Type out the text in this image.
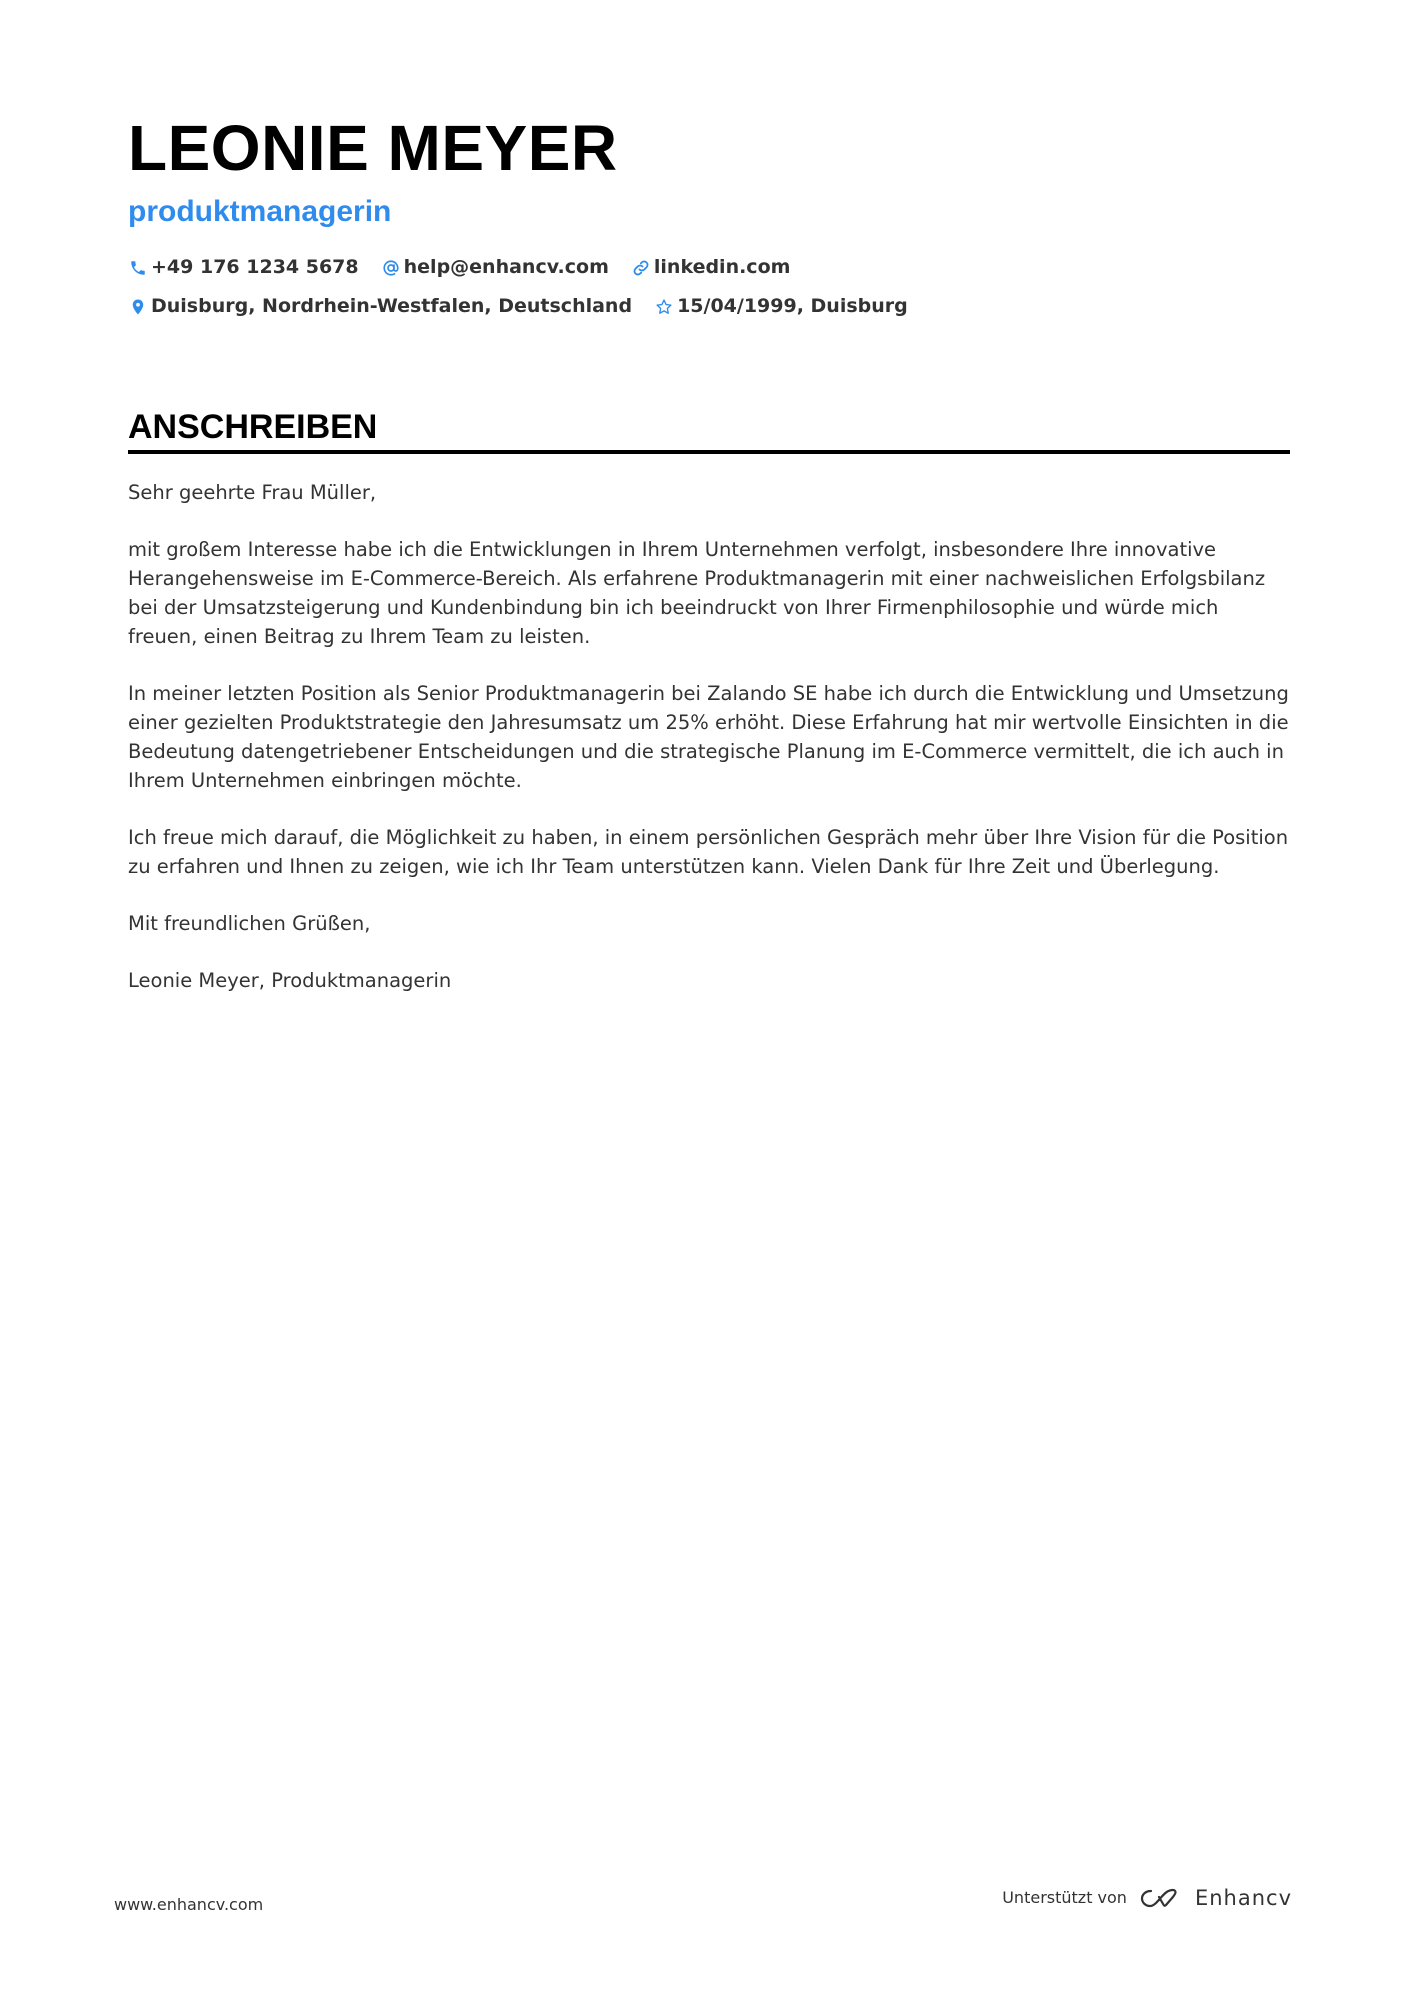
LEONIE MEYER
produktmanagerin
+49 176 1234 5678 help@enhancv.com linkedin.com
Duisburg, Nordrhein-Westfalen, Deutschland 15/04/1999, Duisburg
ANSCHREIBEN

Sehr geehrte Frau Müller,

mit großem Interesse habe ich die Entwicklungen in Ihrem Unternehmen verfolgt, insbesondere Ihre innovative Herangehensweise im E-Commerce-Bereich. Als erfahrene Produktmanagerin mit einer nachweislichen Erfolgsbilanz bei der Umsatzsteigerung und Kundenbindung bin ich beeindruckt von Ihrer Firmenphilosophie und würde mich freuen, einen Beitrag zu Ihrem Team zu leisten.

In meiner letzten Position als Senior Produktmanagerin bei Zalando SE habe ich durch die Entwicklung und Umsetzung einer gezielten Produktstrategie den Jahresumsatz um 25% erhöht. Diese Erfahrung hat mir wertvolle Einsichten in die Bedeutung datengetriebener Entscheidungen und die strategische Planung im E-Commerce vermittelt, die ich auch in Ihrem Unternehmen einbringen möchte.

Ich freue mich darauf, die Möglichkeit zu haben, in einem persönlichen Gespräch mehr über Ihre Vision für die Position zu erfahren und Ihnen zu zeigen, wie ich Ihr Team unterstützen kann. Vielen Dank für Ihre Zeit und Überlegung.

Mit freundlichen Grüßen,

Leonie Meyer, Produktmanagerin

www.enhancv.com	Unterstützt von	Enhancv
